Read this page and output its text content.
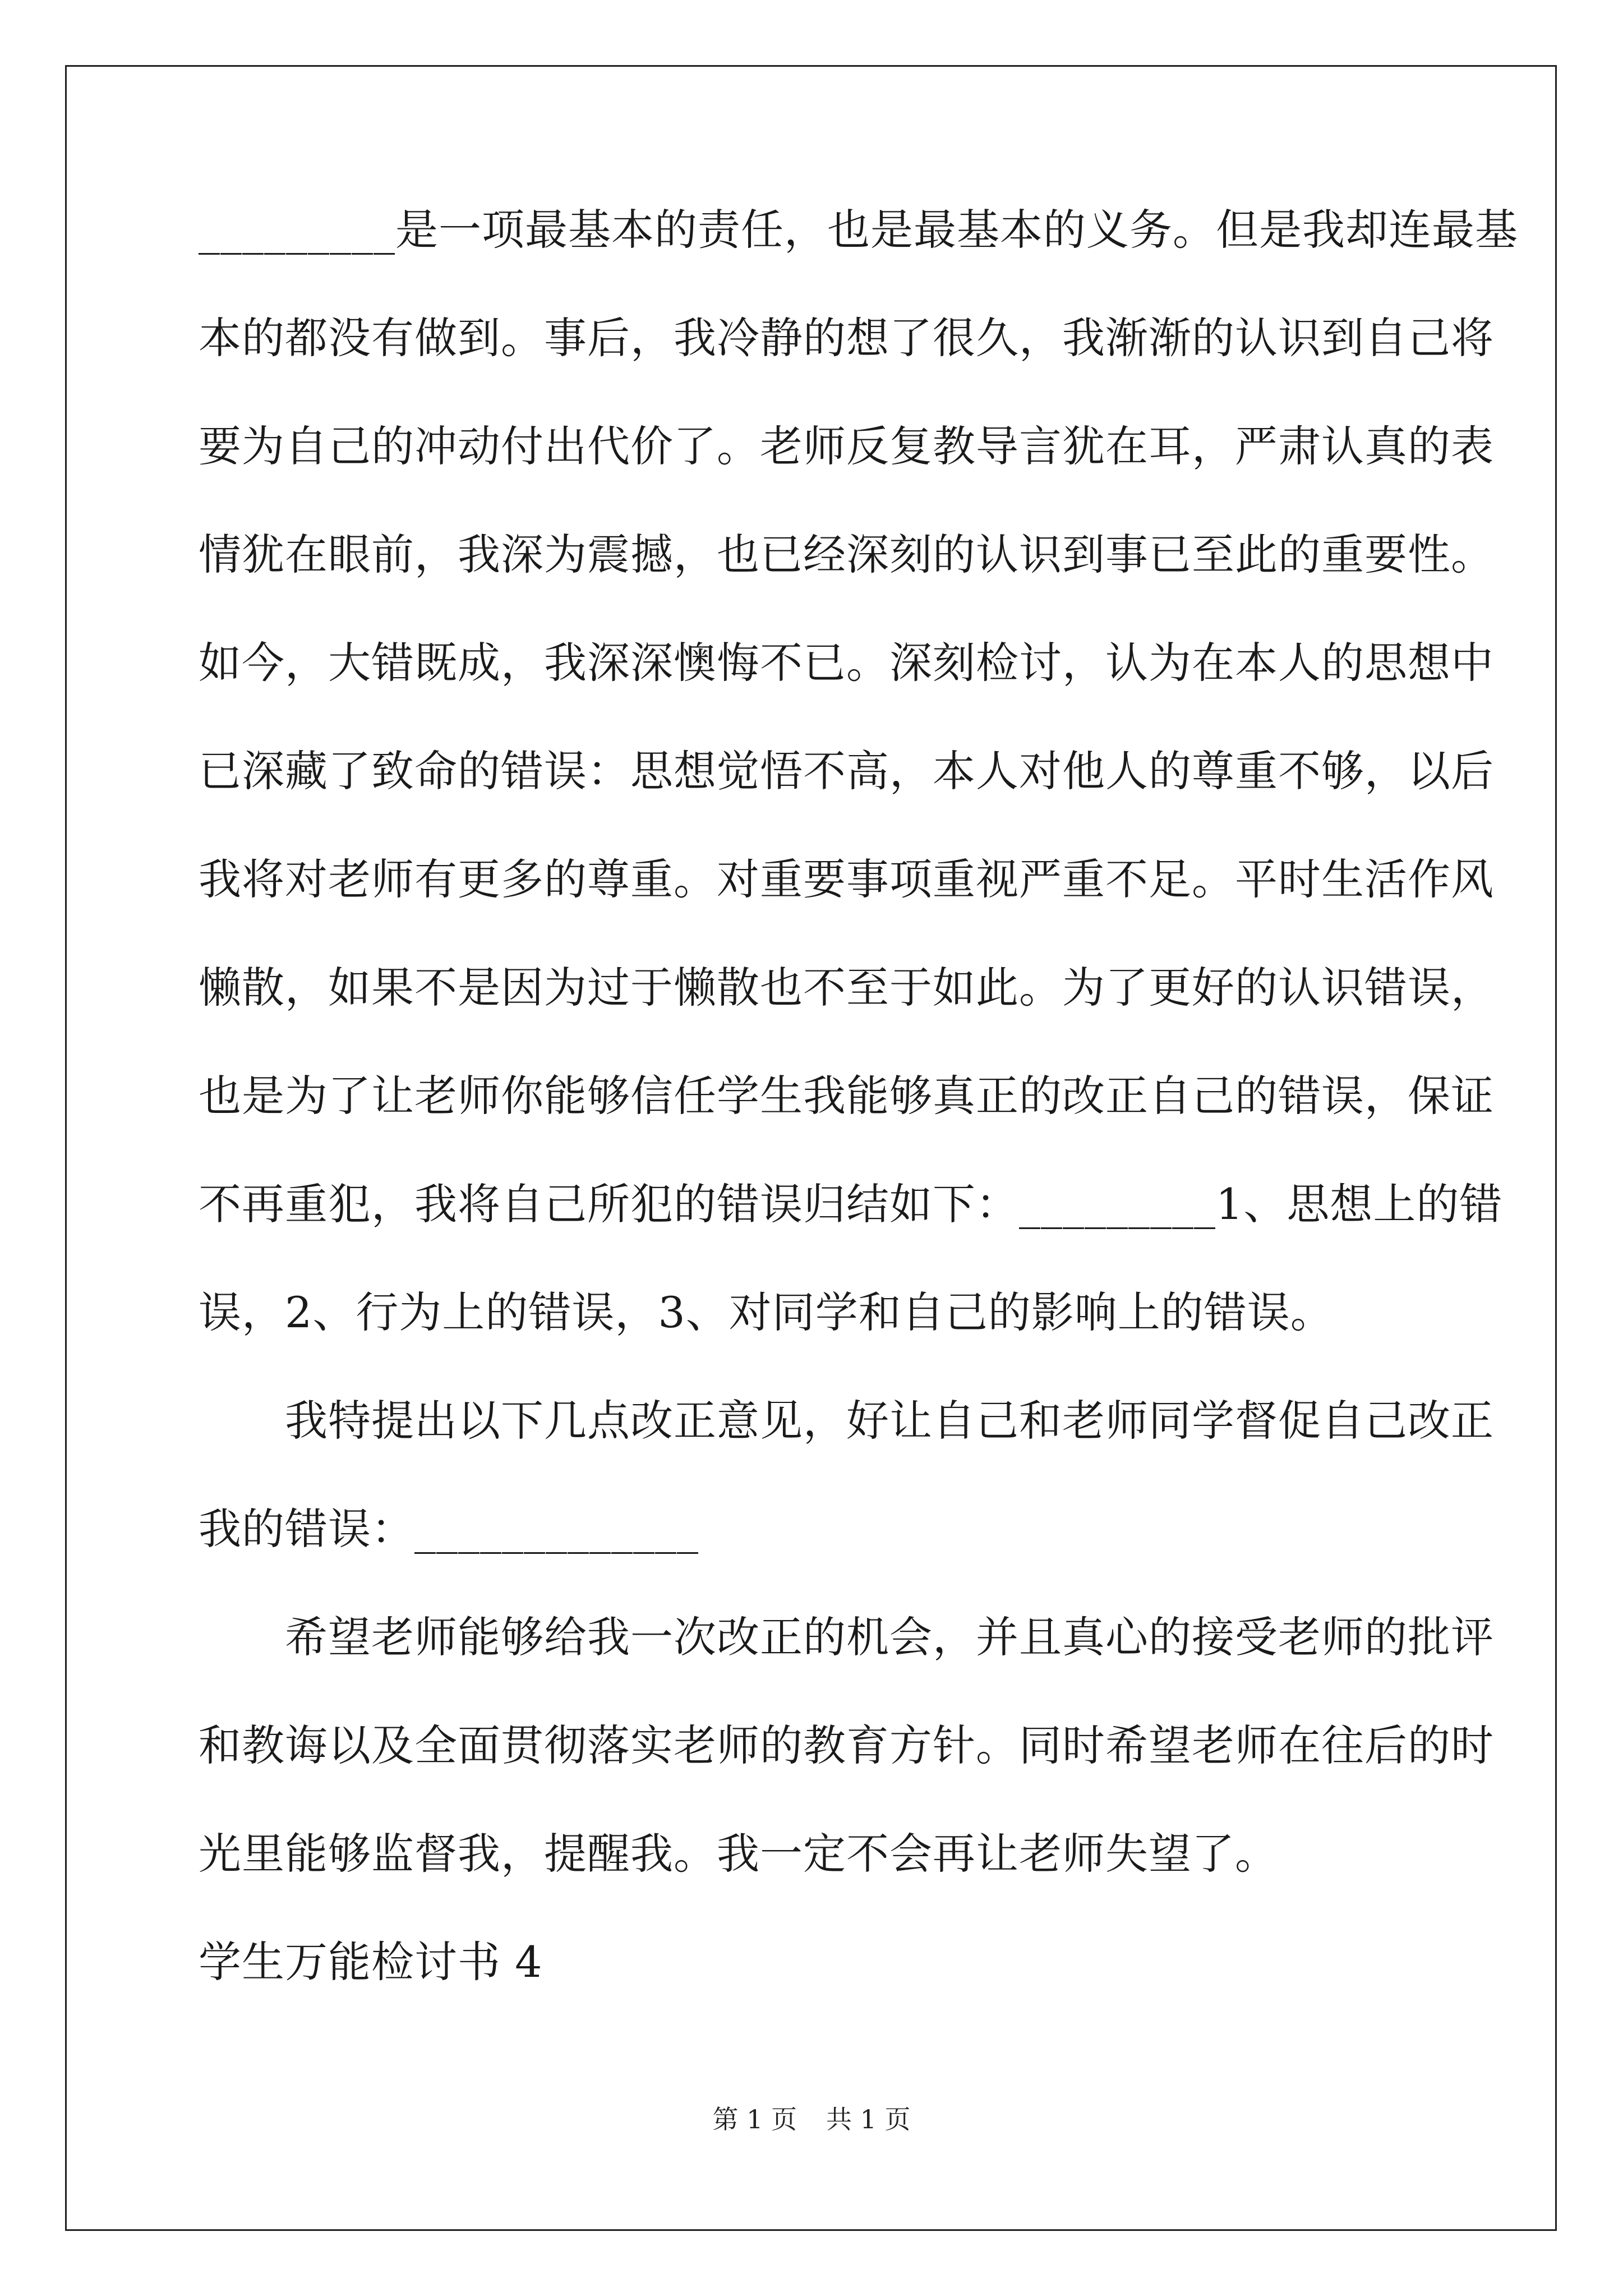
_________是一项最基本的责任，也是最基本的义务。但是我却连最基
本的都没有做到。事后，我冷静的想了很久，我渐渐的认识到自己将
要为自己的冲动付出代价了。老师反复教导言犹在耳，严肃认真的表
情犹在眼前，我深为震撼，也已经深刻的认识到事已至此的重要性。
如今，大错既成，我深深懊悔不已。深刻检讨，认为在本人的思想中
已深藏了致命的错误：思想觉悟不高，本人对他人的尊重不够，以后
我将对老师有更多的尊重。对重要事项重视严重不足。平时生活作风
懒散，如果不是因为过于懒散也不至于如此。为了更好的认识错误，
也是为了让老师你能够信任学生我能够真正的改正自己的错误，保证
不再重犯，我将自己所犯的错误归结如下：_________1、思想上的错
误，2、行为上的错误，3、对同学和自己的影响上的错误。
我特提出以下几点改正意见，好让自己和老师同学督促自己改正
我的错误：_____________
希望老师能够给我一次改正的机会，并且真心的接受老师的批评
和教诲以及全面贯彻落实老师的教育方针。同时希望老师在往后的时
光里能够监督我，提醒我。我一定不会再让老师失望了。
学生万能检讨书 4
第 1 页 共 1 页
